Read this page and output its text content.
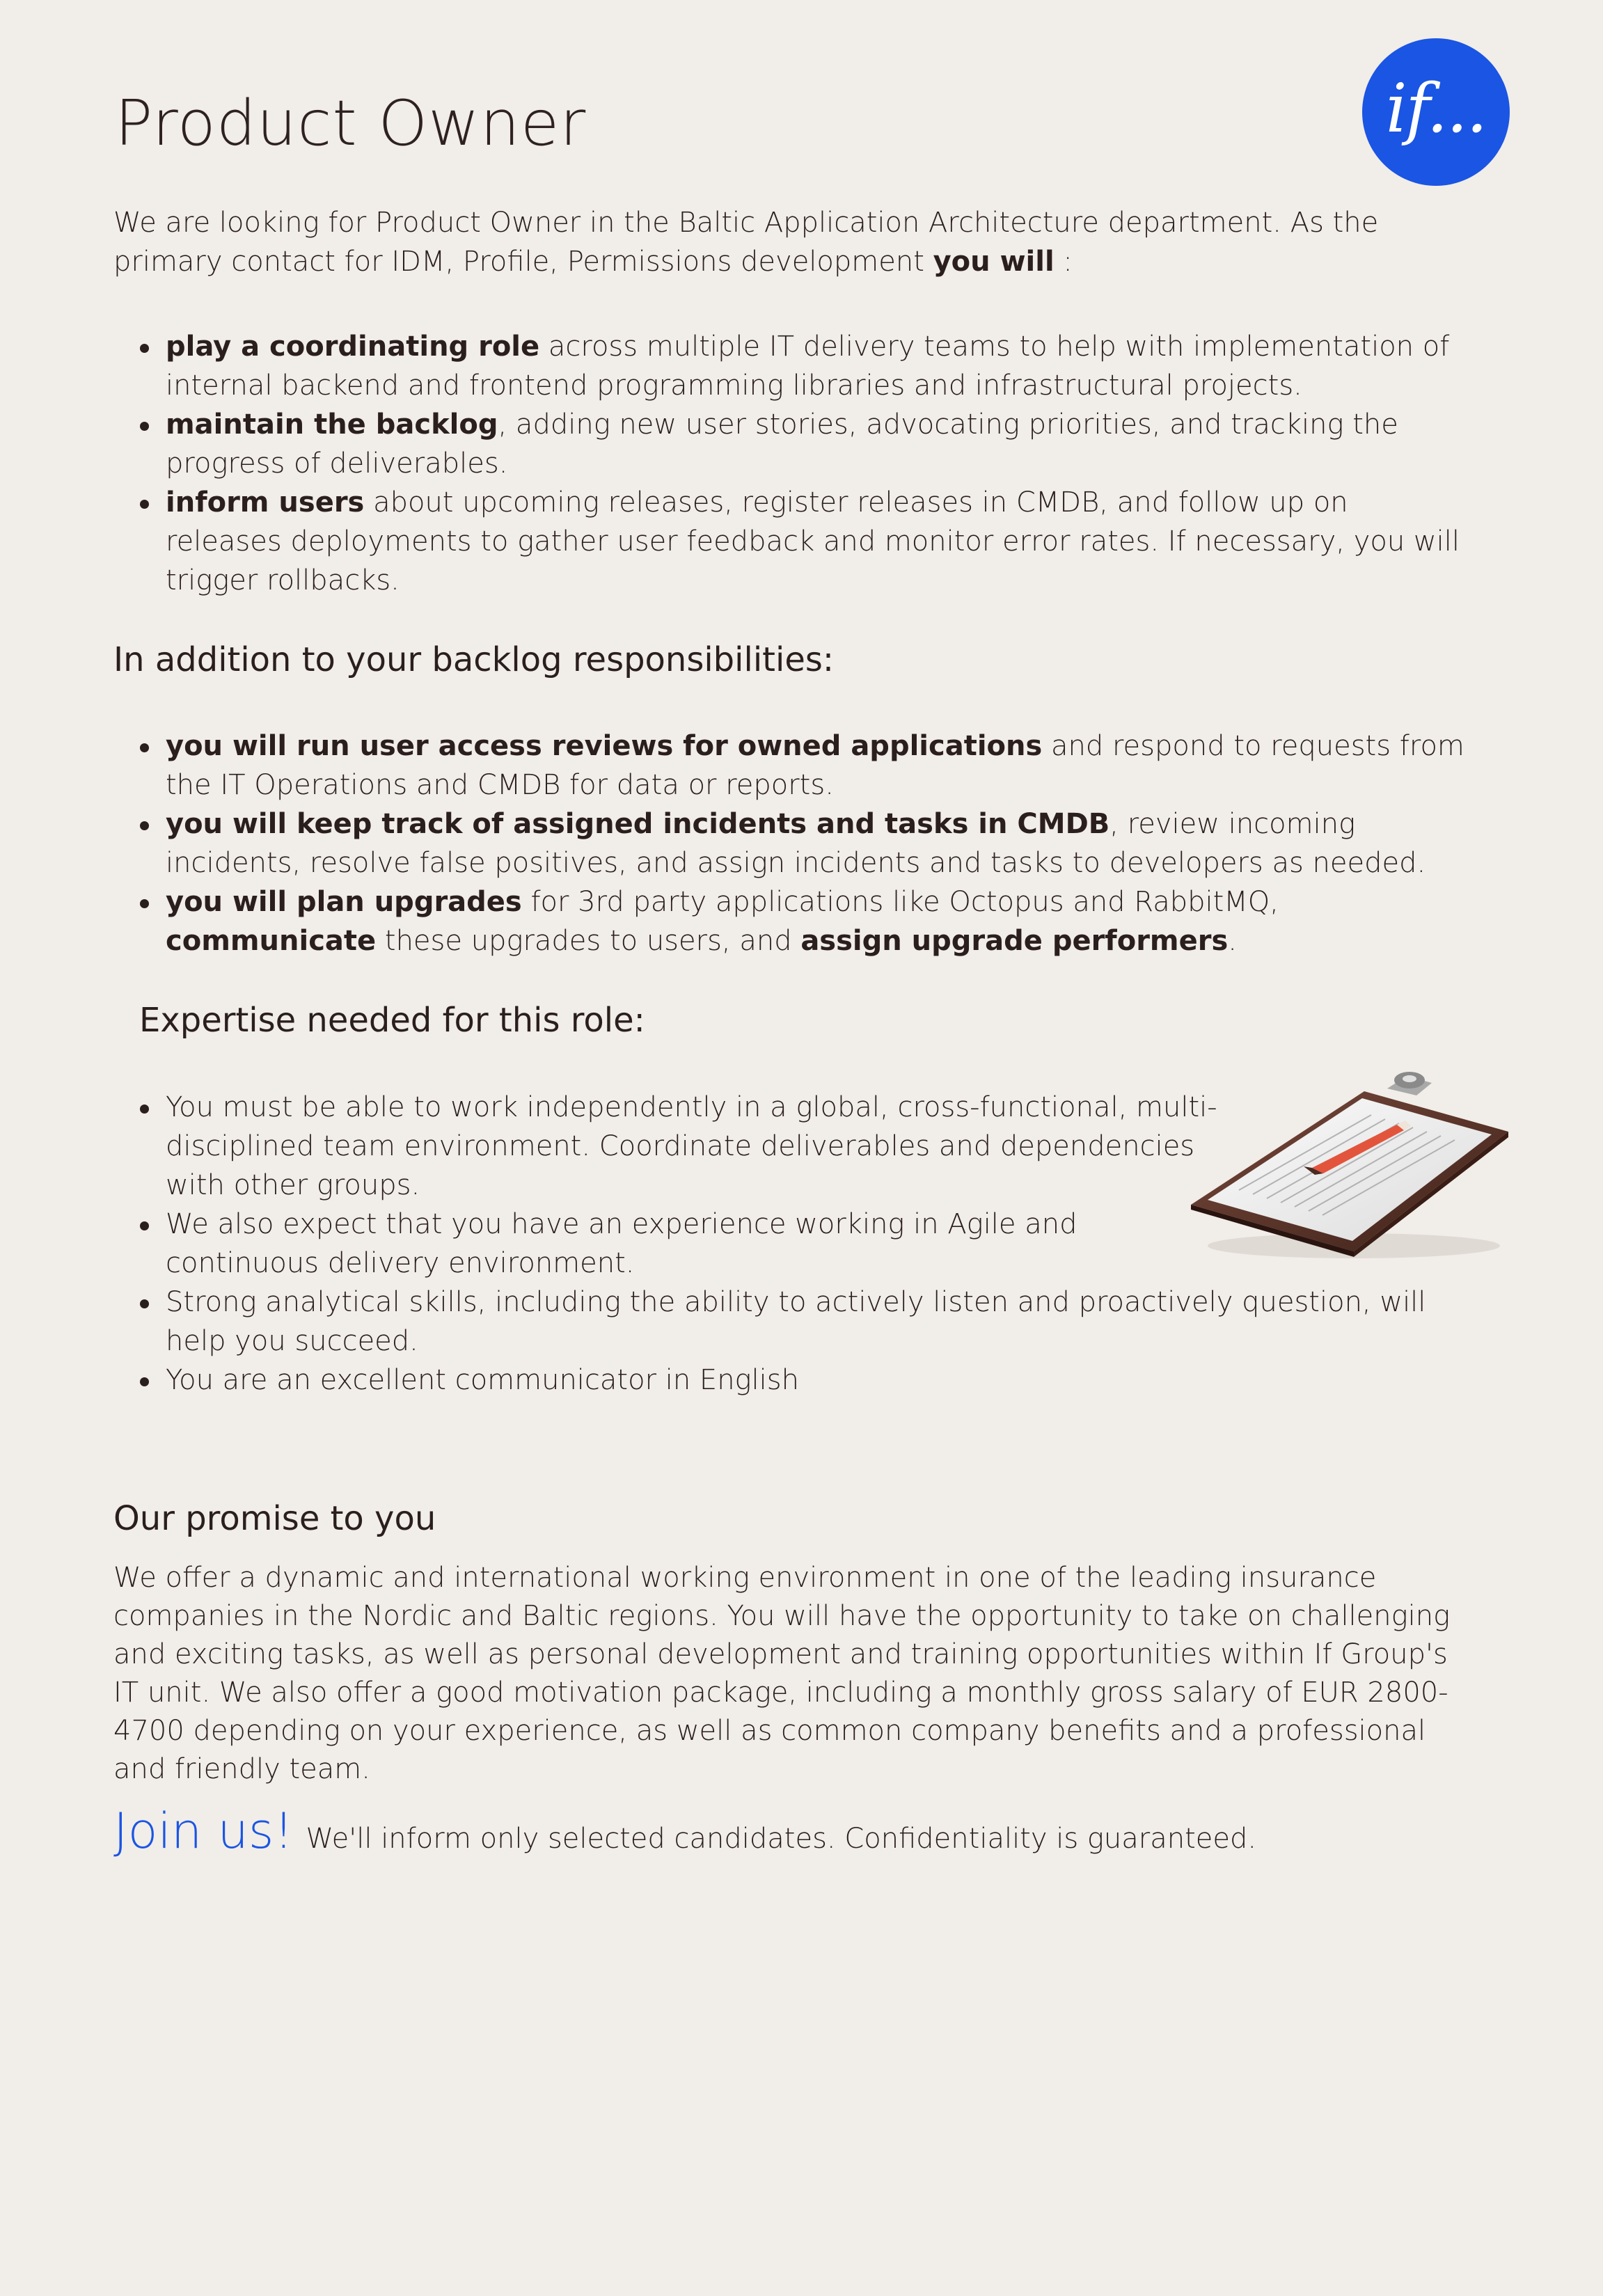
if...
Product Owner

We are looking for Product Owner in the Baltic Application Architecture department. As the primary contact for IDM, Profile, Permissions development you will :

play a coordinating role across multiple IT delivery teams to help with implementation of internal backend and frontend programming libraries and infrastructural projects.
maintain the backlog, adding new user stories, advocating priorities, and tracking the progress of deliverables.
inform users about upcoming releases, register releases in CMDB, and follow up on releases deployments to gather user feedback and monitor error rates. If necessary, you will trigger rollbacks.
In addition to your backlog responsibilities:
you will run user access reviews for owned applications and respond to requests from the IT Operations and CMDB for data or reports.
you will keep track of assigned incidents and tasks in CMDB, review incoming incidents, resolve false positives, and assign incidents and tasks to developers as needed.
you will plan upgrades for 3rd party applications like Octopus and RabbitMQ, communicate these upgrades to users, and assign upgrade performers.
Expertise needed for this role:
You must be able to work independently in a global, cross-functional, multi-disciplined team environment. Coordinate deliverables and dependencies with other groups.
We also expect that you have an experience working in Agile and continuous delivery environment.
Strong analytical skills, including the ability to actively listen and proactively question, will help you succeed.
You are an excellent communicator in English
Our promise to you

We offer a dynamic and international working environment in one of the leading insurance companies in the Nordic and Baltic regions. You will have the opportunity to take on challenging and exciting tasks, as well as personal development and training opportunities within If Group's IT unit. We also offer a good motivation package, including a monthly gross salary of EUR 2800-4700 depending on your experience, as well as common company benefits and a professional and friendly team.

Join us! We'll inform only selected candidates. Confidentiality is guaranteed.
